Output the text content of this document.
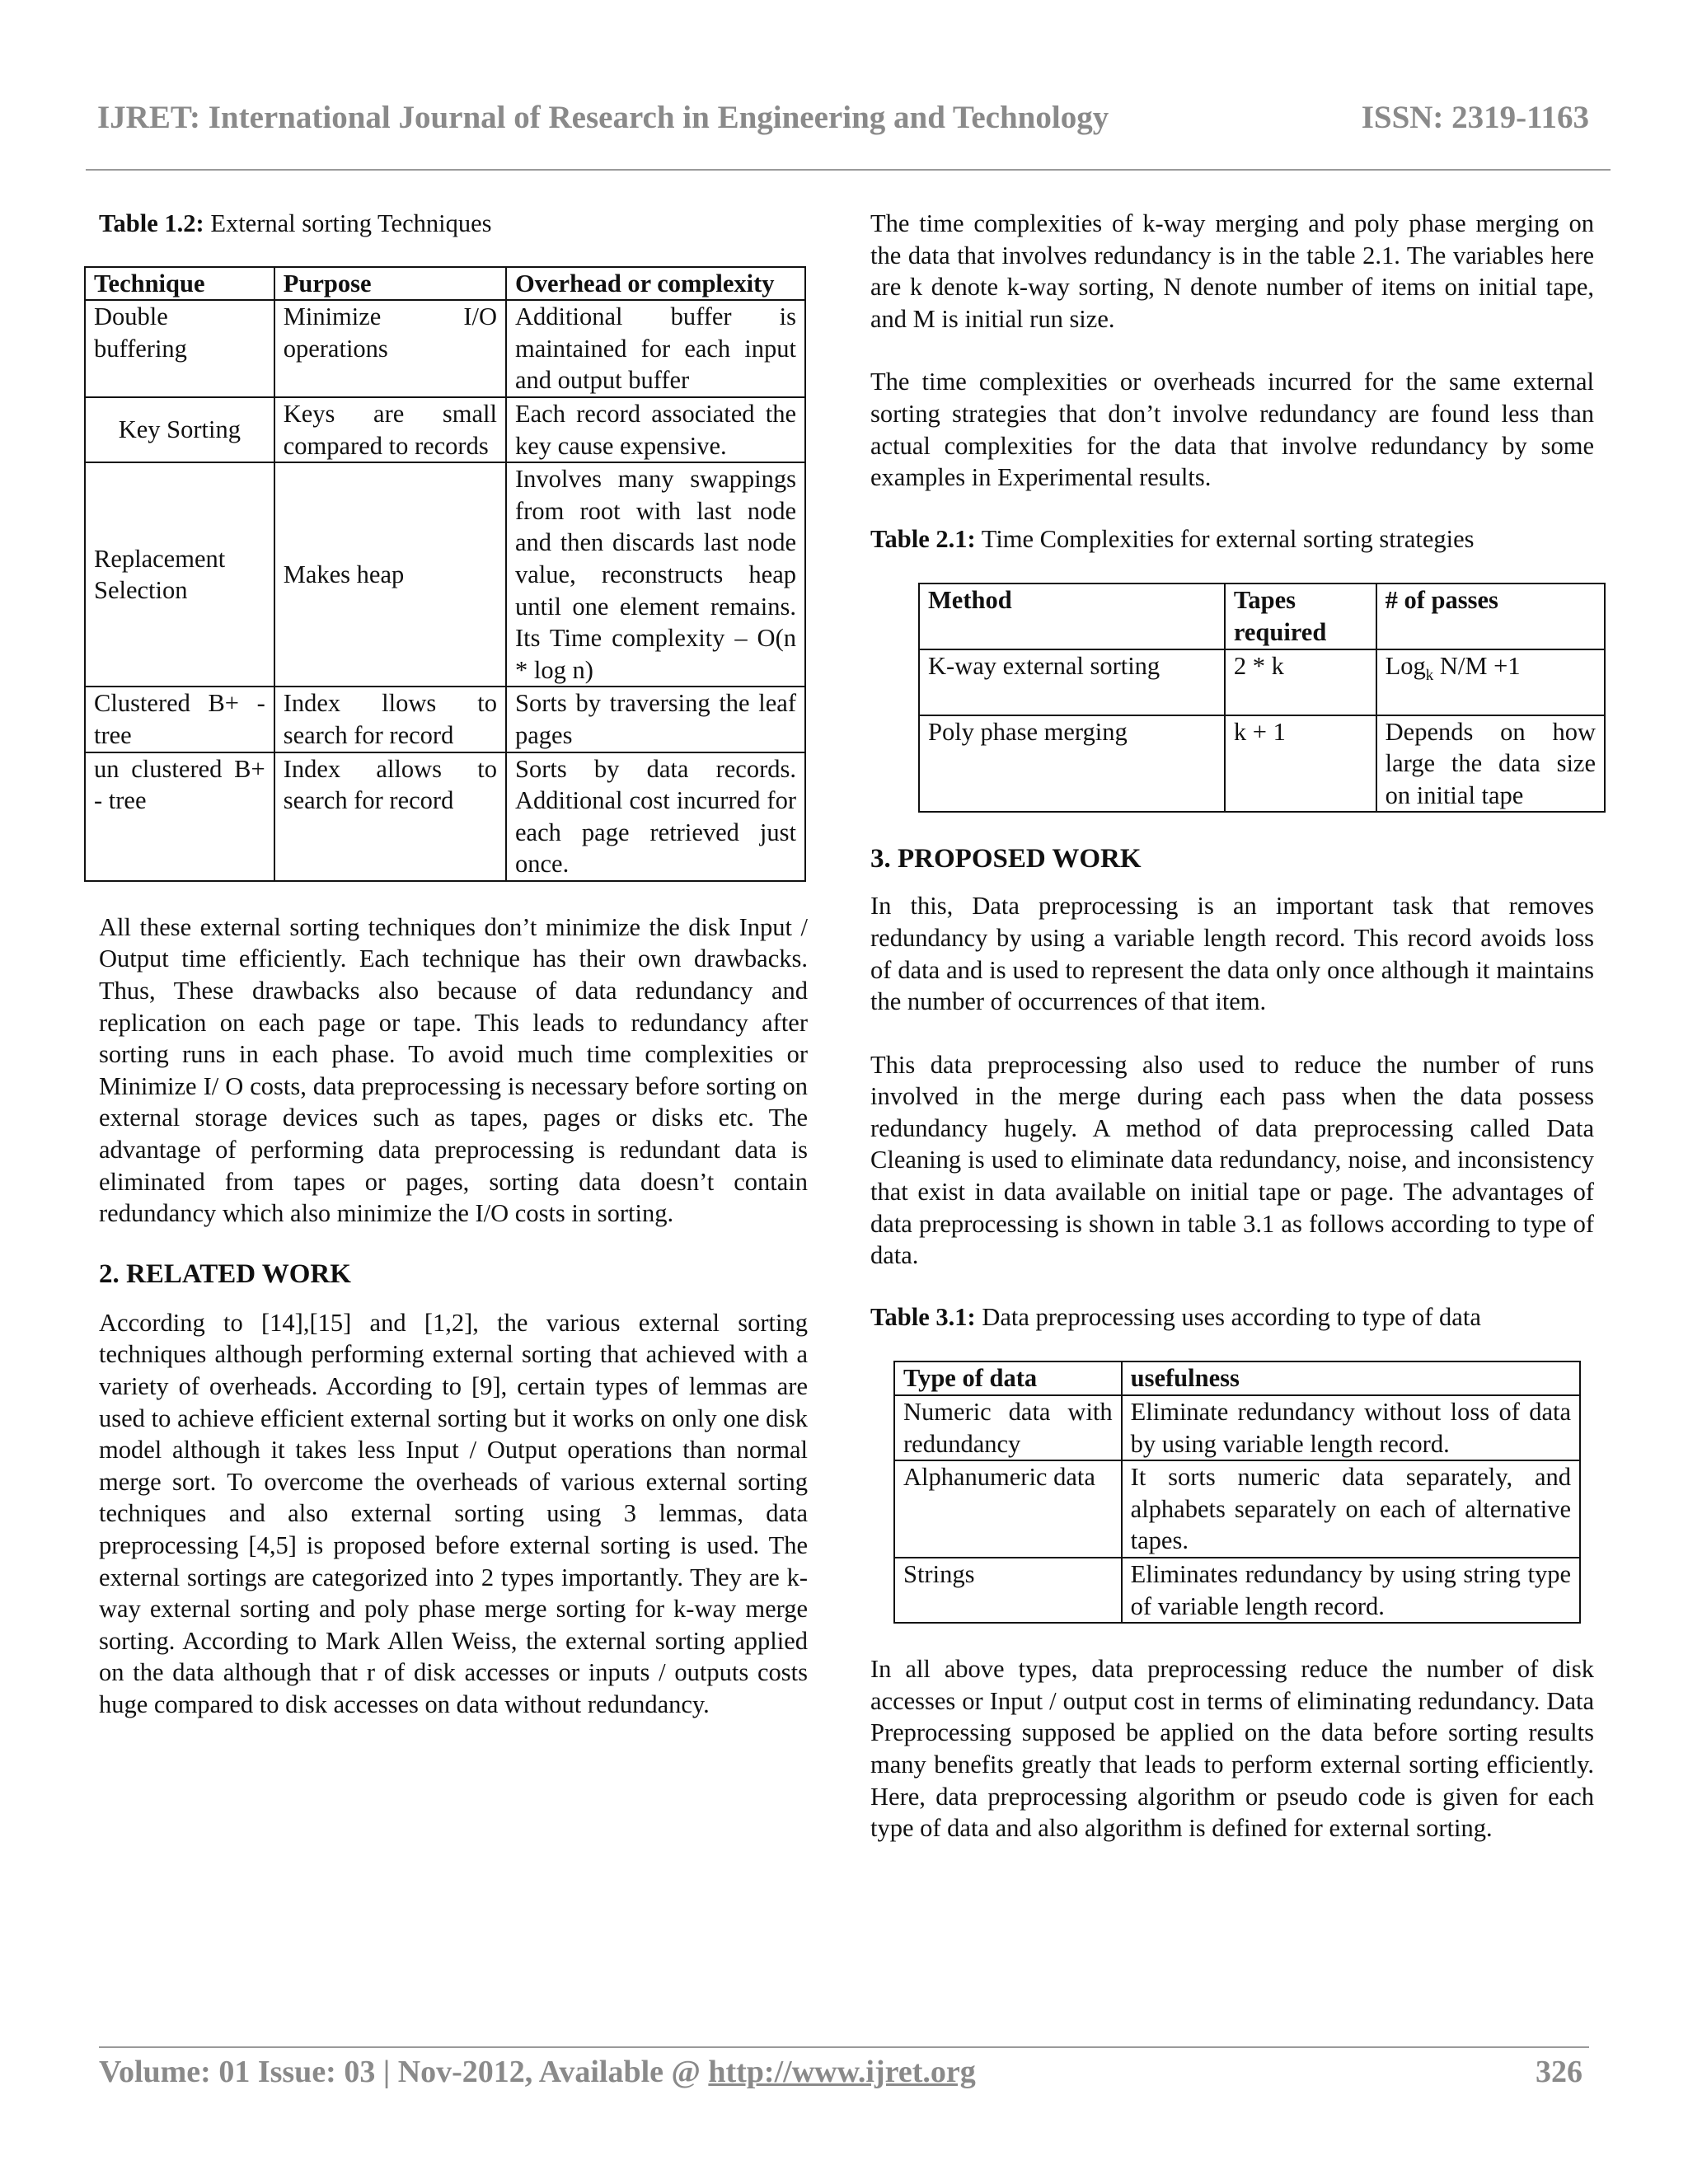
IJRET: International Journal of Research in Engineering and Technology	ISSN: 2319-1163

Table 1.2: External sorting Techniques

Technique	Purpose	Overhead or complexity
Double buffering	Minimize I/O operations	Additional buffer is maintained for each input and output buffer
Key Sorting	Keys are small compared to records	Each record associated the key cause expensive.
Replacement Selection	Makes heap	Involves many swappings from root with last node and then discards last node value, reconstructs heap until one element remains. Its Time complexity – O(n * log n)
Clustered B+ - tree	Index llows to search for record	Sorts by traversing the leaf pages
un clustered B+ - tree	Index allows to search for record	Sorts by data records. Additional cost incurred for each page retrieved just once.

All these external sorting techniques don’t minimize the disk Input / Output time efficiently. Each technique has their own drawbacks. Thus, These drawbacks also because of data redundancy and replication on each page or tape. This leads to redundancy after sorting runs in each phase. To avoid much time complexities or Minimize I/ O costs, data preprocessing is necessary before sorting on external storage devices such as tapes, pages or disks etc. The advantage of performing data preprocessing is redundant data is eliminated from tapes or pages, sorting data doesn’t contain redundancy which also minimize the I/O costs in sorting.

2. RELATED WORK

According to [14],[15] and [1,2], the various external sorting techniques although performing external sorting that achieved with a variety of overheads. According to [9], certain types of lemmas are used to achieve efficient external sorting but it works on only one disk model although it takes less Input / Output operations than normal merge sort. To overcome the overheads of various external sorting techniques and also external sorting using 3 lemmas, data preprocessing [4,5] is proposed before external sorting is used. The external sortings are categorized into 2 types importantly. They are k-way external sorting and poly phase merge sorting for k-way merge sorting. According to Mark Allen Weiss, the external sorting applied on the data although that r of disk accesses or inputs / outputs costs huge compared to disk accesses on data without redundancy.

The time complexities of k-way merging and poly phase merging on the data that involves redundancy is in the table 2.1. The variables here are k denote k-way sorting, N denote number of items on initial tape, and M is initial run size.

The time complexities or overheads incurred for the same external sorting strategies that don’t involve redundancy are found less than actual complexities for the data that involve redundancy by some examples in Experimental results.

Table 2.1: Time Complexities for external sorting strategies

Method	Tapes required	# of passes
K-way external sorting	2 * k	Log$_k$ N/M +1
Poly phase merging	k + 1	Depends on how large the data size on initial tape
3. PROPOSED WORK

In this, Data preprocessing is an important task that removes redundancy by using a variable length record. This record avoids loss of data and is used to represent the data only once although it maintains the number of occurrences of that item.

This data preprocessing also used to reduce the number of runs involved in the merge during each pass when the data possess redundancy hugely. A method of data preprocessing called Data Cleaning is used to eliminate data redundancy, noise, and inconsistency that exist in data available on initial tape or page. The advantages of data preprocessing is shown in table 3.1 as follows according to type of data.

Table 3.1: Data preprocessing uses according to type of data

Type of data	usefulness
Numeric data with redundancy	Eliminate redundancy without loss of data by using variable length record.
Alphanumeric data	It sorts numeric data separately, and alphabets separately on each of alternative tapes.
Strings	Eliminates redundancy by using string type of variable length record.

In all above types, data preprocessing reduce the number of disk accesses or Input / output cost in terms of eliminating redundancy. Data Preprocessing supposed be applied on the data before sorting results many benefits greatly that leads to perform external sorting efficiently. Here, data preprocessing algorithm or pseudo code is given for each type of data and also algorithm is defined for external sorting.

Volume: 01 Issue: 03 | Nov-2012, Available @ http://www.ijret.org	326
